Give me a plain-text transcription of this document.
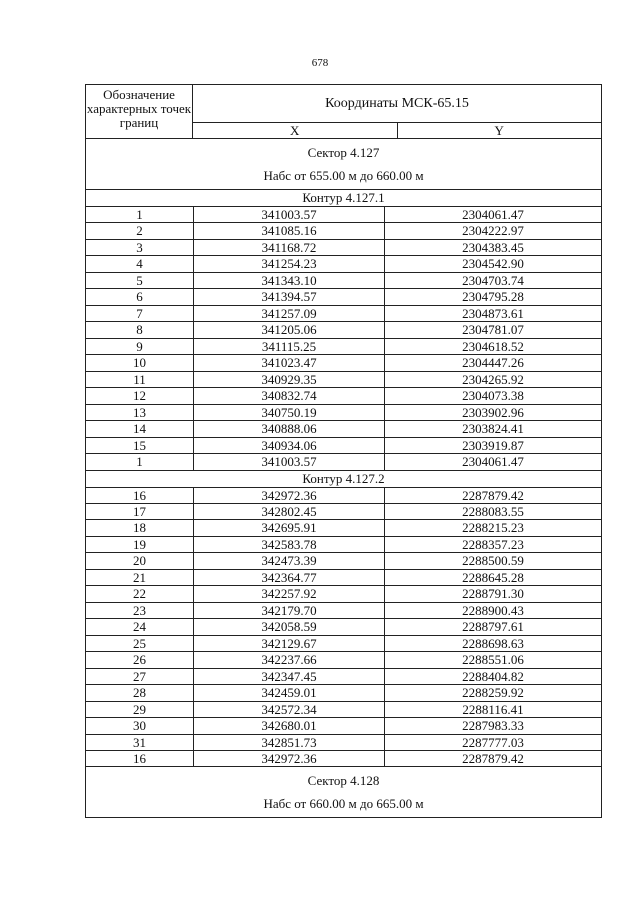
678
Обозначение характерных точек границ
Координаты МСК-65.15
X	Y
Сектор 4.127
Набс от 655.00 м до 660.00 м
Контур 4.127.1
1	341003.57	2304061.47
2	341085.16	2304222.97
3	341168.72	2304383.45
4	341254.23	2304542.90
5	341343.10	2304703.74
6	341394.57	2304795.28
7	341257.09	2304873.61
8	341205.06	2304781.07
9	341115.25	2304618.52
10	341023.47	2304447.26
11	340929.35	2304265.92
12	340832.74	2304073.38
13	340750.19	2303902.96
14	340888.06	2303824.41
15	340934.06	2303919.87
1	341003.57	2304061.47
Контур 4.127.2
16	342972.36	2287879.42
17	342802.45	2288083.55
18	342695.91	2288215.23
19	342583.78	2288357.23
20	342473.39	2288500.59
21	342364.77	2288645.28
22	342257.92	2288791.30
23	342179.70	2288900.43
24	342058.59	2288797.61
25	342129.67	2288698.63
26	342237.66	2288551.06
27	342347.45	2288404.82
28	342459.01	2288259.92
29	342572.34	2288116.41
30	342680.01	2287983.33
31	342851.73	2287777.03
16	342972.36	2287879.42
Сектор 4.128
Набс от 660.00 м до 665.00 м
